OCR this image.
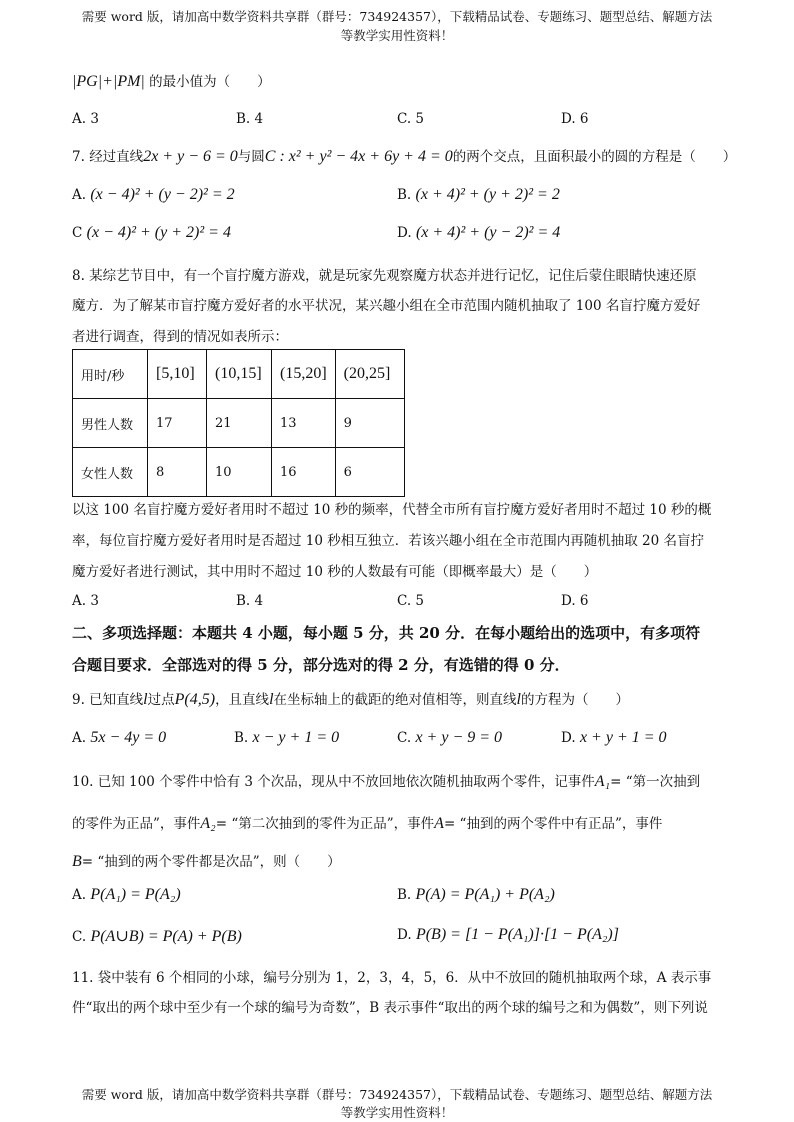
需要 word 版，请加高中数学资料共享群（群号：734924357），下载精品试卷、专题练习、题型总结、解题方法
等教学实用性资料！
|PG|+|PM| 的最小值为（　　）
A. 3	B. 4	C. 5	D. 6
7. 经过直线2x + y − 6 = 0与圆C : x² + y² − 4x + 6y + 4 = 0的两个交点，且面积最小的圆的方程是（　　）
A. (x − 4)² + (y − 2)² = 2	B. (x + 4)² + (y + 2)² = 2
C (x − 4)² + (y + 2)² = 4	D. (x + 4)² + (y − 2)² = 4
8. 某综艺节目中，有一个盲拧魔方游戏，就是玩家先观察魔方状态并进行记忆，记住后蒙住眼睛快速还原
魔方．为了解某市盲拧魔方爱好者的水平状况，某兴趣小组在全市范围内随机抽取了 100 名盲拧魔方爱好
者进行调查，得到的情况如表所示：
用时/秒	[5,10]	(10,15]	(15,20]	(20,25]
男性人数	17	21	13	9
女性人数	8	10	16	6
以这 100 名盲拧魔方爱好者用时不超过 10 秒的频率，代替全市所有盲拧魔方爱好者用时不超过 10 秒的概
率，每位盲拧魔方爱好者用时是否超过 10 秒相互独立．若该兴趣小组在全市范围内再随机抽取 20 名盲拧
魔方爱好者进行测试，其中用时不超过 10 秒的人数最有可能（即概率最大）是（　　）
A. 3	B. 4	C. 5	D. 6
二、多项选择题：本题共 4 小题，每小题 5 分，共 20 分．在每小题给出的选项中，有多项符
合题目要求．全部选对的得 5 分，部分选对的得 2 分，有选错的得 0 分．
9. 已知直线l过点P(4,5)，且直线l在坐标轴上的截距的绝对值相等，则直线l的方程为（　　）
A. 5x − 4y = 0	B. x − y + 1 = 0	C. x + y − 9 = 0	D. x + y + 1 = 0
10. 已知 100 个零件中恰有 3 个次品，现从中不放回地依次随机抽取两个零件，记事件A₁= “第一次抽到
的零件为正品”，事件A₂= “第二次抽到的零件为正品”，事件A= “抽到的两个零件中有正品”，事件
B= “抽到的两个零件都是次品”，则（　　）
A. P(A₁) = P(A₂)	B. P(A) = P(A₁) + P(A₂)
C. P(A∪B) = P(A) + P(B)	D. P(B) = [1 − P(A₁)]·[1 − P(A₂)]
11. 袋中装有 6 个相同的小球，编号分别为 1，2，3，4，5，6．从中不放回的随机抽取两个球，A 表示事
件“取出的两个球中至少有一个球的编号为奇数”，B 表示事件“取出的两个球的编号之和为偶数”，则下列说
需要 word 版，请加高中数学资料共享群（群号：734924357），下载精品试卷、专题练习、题型总结、解题方法
等教学实用性资料！
